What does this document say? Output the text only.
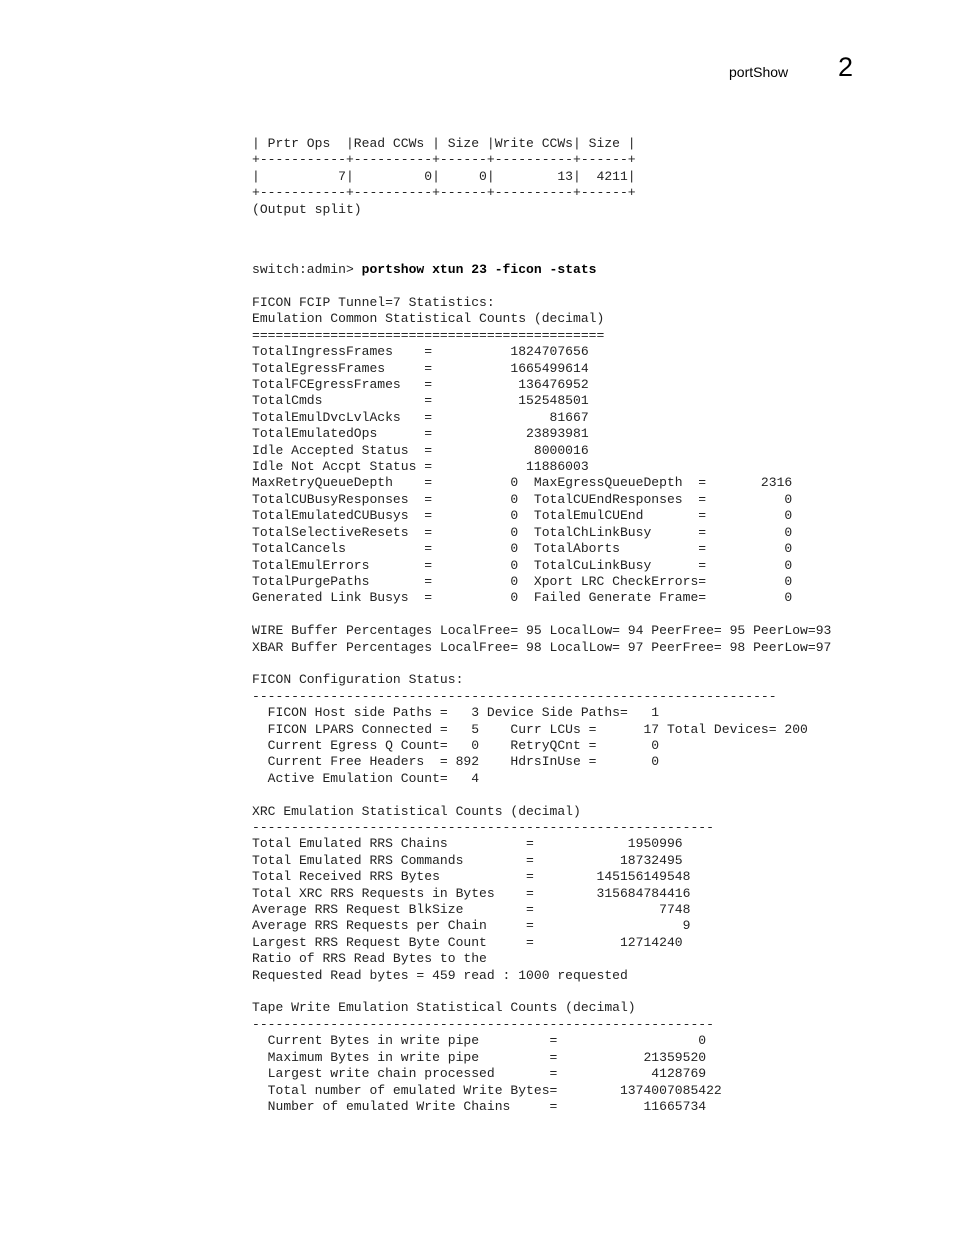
portShow 2
| Prtr Ops  |Read CCWs | Size |Write CCWs| Size |
+-----------+----------+------+----------+------+
|          7|         0|     0|        13|  4211|
+-----------+----------+------+----------+------+
(Output split)
switch:admin> portshow xtun 23 -ficon -stats
FICON FCIP Tunnel=7 Statistics:
Emulation Common Statistical Counts (decimal)
=============================================
TotalIngressFrames    =          1824707656
TotalEgressFrames     =          1665499614
TotalFCEgressFrames   =           136476952
TotalCmds             =           152548501
TotalEmulDvcLvlAcks   =               81667
TotalEmulatedOps      =            23893981
Idle Accepted Status  =             8000016
Idle Not Accpt Status =            11886003
MaxRetryQueueDepth    =          0  MaxEgressQueueDepth  =       2316
TotalCUBusyResponses  =          0  TotalCUEndResponses  =          0
TotalEmulatedCUBusys  =          0  TotalEmulCUEnd       =          0
TotalSelectiveResets  =          0  TotalChLinkBusy      =          0
TotalCancels          =          0  TotalAborts          =          0
TotalEmulErrors       =          0  TotalCuLinkBusy      =          0
TotalPurgePaths       =          0  Xport LRC CheckErrors=          0
Generated Link Busys  =          0  Failed Generate Frame=          0

WIRE Buffer Percentages LocalFree= 95 LocalLow= 94 PeerFree= 95 PeerLow=93
XBAR Buffer Percentages LocalFree= 98 LocalLow= 97 PeerFree= 98 PeerLow=97

FICON Configuration Status:
-------------------------------------------------------------------
FICON Host side Paths =   3 Device Side Paths=   1
FICON LPARS Connected =   5    Curr LCUs =      17 Total Devices= 200
Current Egress Q Count=   0    RetryQCnt =       0
Current Free Headers  = 892    HdrsInUse =       0
Active Emulation Count=   4

XRC Emulation Statistical Counts (decimal)
-----------------------------------------------------------
Total Emulated RRS Chains          =            1950996
Total Emulated RRS Commands        =           18732495
Total Received RRS Bytes           =        145156149548
Total XRC RRS Requests in Bytes    =        315684784416
Average RRS Request BlkSize        =                7748
Average RRS Requests per Chain     =                   9
Largest RRS Request Byte Count     =           12714240
Ratio of RRS Read Bytes to the
Requested Read bytes = 459 read : 1000 requested

Tape Write Emulation Statistical Counts (decimal)
-----------------------------------------------------------
Current Bytes in write pipe         =                  0
Maximum Bytes in write pipe         =           21359520
Largest write chain processed       =            4128769
Total number of emulated Write Bytes=        1374007085422
Number of emulated Write Chains     =           11665734
